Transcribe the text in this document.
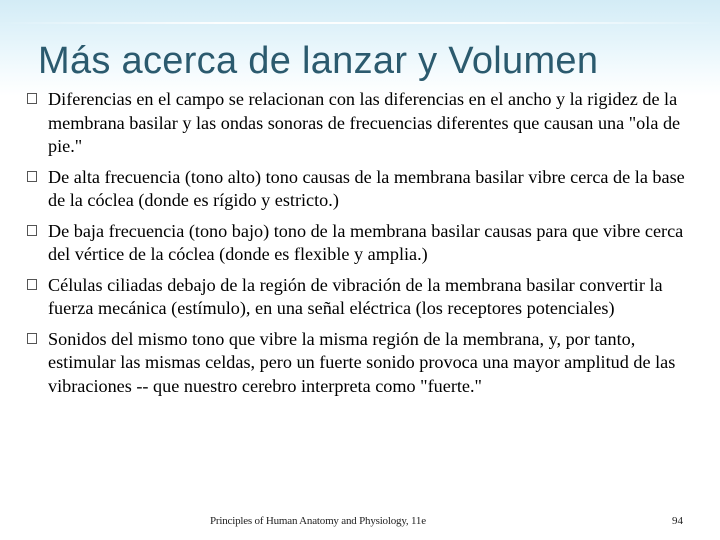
Más acerca de lanzar y Volumen
Diferencias en el campo se relacionan con las diferencias en el ancho y la rigidez de la membrana basilar y las ondas sonoras de frecuencias diferentes que causan una "ola de pie."
De alta frecuencia (tono alto) tono causas de la membrana basilar vibre cerca de la base de la cóclea (donde es rígido y estricto.)
De baja frecuencia (tono bajo) tono de la membrana basilar causas para que vibre cerca del vértice de la cóclea (donde es flexible y amplia.)
Células ciliadas debajo de la región de vibración de la membrana basilar convertir la fuerza mecánica (estímulo), en una señal eléctrica (los receptores potenciales)
Sonidos del mismo tono que vibre la misma región de la membrana, y, por tanto, estimular las mismas celdas, pero un fuerte sonido provoca una mayor amplitud de las vibraciones -- que nuestro cerebro interpreta como "fuerte."
Principles of Human Anatomy and Physiology, 11e	94
